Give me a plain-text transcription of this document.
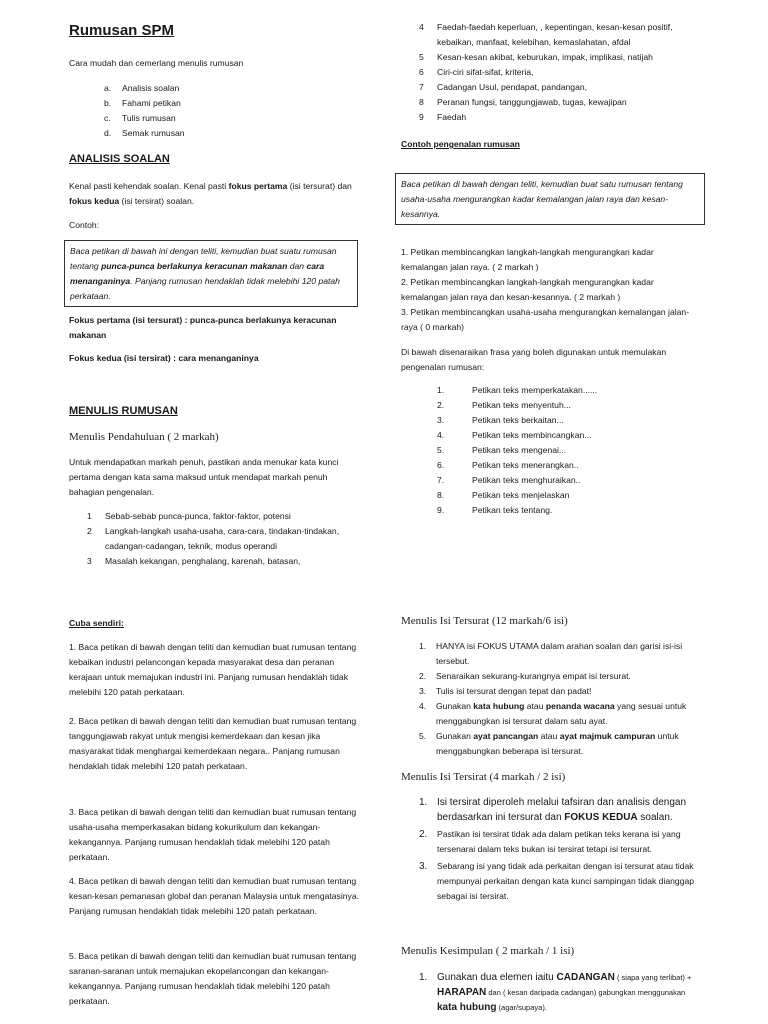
Rumusan SPM

Cara mudah dan cemerlang menulis rumusan

a.	Analisis soalan
b.	Fahami petikan
c.	Tulis rumusan
d.	Semak rumusan

ANALISIS SOALAN

Kenal pasti kehendak soalan. Kenal pasti fokus pertama (isi tersurat) dan fokus kedua (isi tersirat) soalan.

Contoh:

Baca petikan di bawah ini dengan teliti, kemudian buat suatu rumusan tentang punca-punca berlakunya keracunan makanan dan cara menanganinya. Panjang rumusan hendaklah tidak melebihi 120 patah perkataan.

Fokus pertama (isi tersurat) : punca-punca berlakunya keracunan makanan

Fokus kedua (isi tersirat) : cara menanganinya

MENULIS RUMUSAN

Menulis Pendahuluan ( 2 markah)

Untuk mendapatkan markah penuh, pastikan anda menukar kata kunci pertama dengan kata sama maksud untuk mendapat markah penuh bahagian pengenalan.

1	Sebab-sebab punca-punca, faktor-faktor, potensi
2	Langkah-langkah usaha-usaha, cara-cara, tindakan-tindakan, cadangan-cadangan, teknik, modus operandi
3	Masalah kekangan, penghalang, karenah, batasan,

Cuba sendiri:

1. Baca petikan di bawah dengan teliti dan kemudian buat rumusan tentang kebaikan industri pelancongan kepada masyarakat desa dan peranan kerajaan untuk memajukan industri ini. Panjang rumusan hendaklah tidak melebihi 120 patah perkataan.

2. Baca petikan di bawah dengan teliti dan kemudian buat rumusan tentang tanggungjawab rakyat untuk mengisi kemerdekaan dan kesan jika masyarakat tidak menghargai kemerdekaan negara.. Panjang rumusan hendaklah tidak melebihi 120 patah perkataan.

3. Baca petikan di bawah dengan teliti dan kemudian buat rumusan tentang usaha-usaha memperkasakan bidang kokurikulum dan kekangan-kekangannya. Panjang rumusan hendaklah tidak melebihi 120 patah perkataan.

4. Baca petikan di bawah dengan teliti dan kemudian buat rumusan tentang kesan-kesan pemanasan global dan peranan Malaysia untuk mengatasinya. Panjang rumusan hendaklah tidak melebihi 120 patah perkataan.

5. Baca petikan di bawah dengan teliti dan kemudian buat rumusan tentang saranan-saranan untuk memajukan ekopelancongan dan kekangan-kekangannya. Panjang rumusan hendaklah tidak melebihi 120 patah perkataan.

4	Faedah-faedah keperluan, , kepentingan, kesan-kesan positif, kebaikan, manfaat, kelebihan, kemaslahatan, afdal
5	Kesan-kesan akibat, keburukan, impak, implikasi, natijah
6	Ciri-ciri sifat-sifat, kriteria,
7	Cadangan Usul, pendapat, pandangan,
8	Peranan fungsi, tanggungjawab, tugas, kewajipan
9	Faedah

Contoh pengenalan rumusan

Baca petikan di bawah dengan teliti, kemudian buat satu rumusan tentang usaha-usaha mengurangkan kadar kemalangan jalan raya dan kesan-kesannya.

1. Petikan membincangkan langkah-langkah mengurangkan kadar kemalangan jalan raya. ( 2 markah )

2. Petikan membincangkan langkah-langkah mengurangkan kadar kemalangan jalan raya dan kesan-kesannya. ( 2 markah )

3. Petikan membincangkan usaha-usaha mengurangkan kemalangan jalan-raya ( 0 markah)

Di bawah disenaraikan frasa yang boleh digunakan untuk memulakan pengenalan rumusan:

1.	Petikan teks memperkatakan......
2.	Petikan teks menyentuh...
3.	Petikan teks berkaitan...
4.	Petikan teks membincangkan...
5.	Petikan teks mengenai...
6.	Petikan teks menerangkan..
7.	Petikan teks menghuraikan..
8.	Petikan teks menjelaskan
9.	Petikan teks tentang.

Menulis Isi Tersurat (12 markah/6 isi)

1.	HANYA isi FOKUS UTAMA dalam arahan soalan dan garisi isi-isi tersebut.
2.	Senaraikan sekurang-kurangnya empat isi tersurat.
3.	Tulis isi tersurat dengan tepat dan padat!
4.	Gunakan kata hubung atau penanda wacana yang sesuai untuk menggabungkan isi tersurat dalam satu ayat.
5.	Gunakan ayat pancangan atau ayat majmuk campuran untuk menggabungkan beberapa isi tersurat.

Menulis Isi Tersirat (4 markah / 2 isi)

1. Isi tersirat diperoleh melalui tafsiran dan analisis dengan berdasarkan ini tersurat dan FOKUS KEDUA soalan.
2.	Pastikan isi tersirat tidak ada dalam petikan teks kerana isi yang tersenarai dalam teks bukan isi tersirat tetapi isi tersurat.
3.	Sebarang isi yang tidak ada perkaitan dengan isi tersurat atau tidak mempunyai perkaitan dengan kata kunci sampingan tidak dianggap sebagai isi tersirat.

Menulis Kesimpulan ( 2 markah / 1 isi)

1. Gunakan dua elemen iaitu CADANGAN ( siapa yang terlibat) + HARAPAN dan ( kesan daripada cadangan) gabungkan menggunakan kata hubung (agar/supaya).
